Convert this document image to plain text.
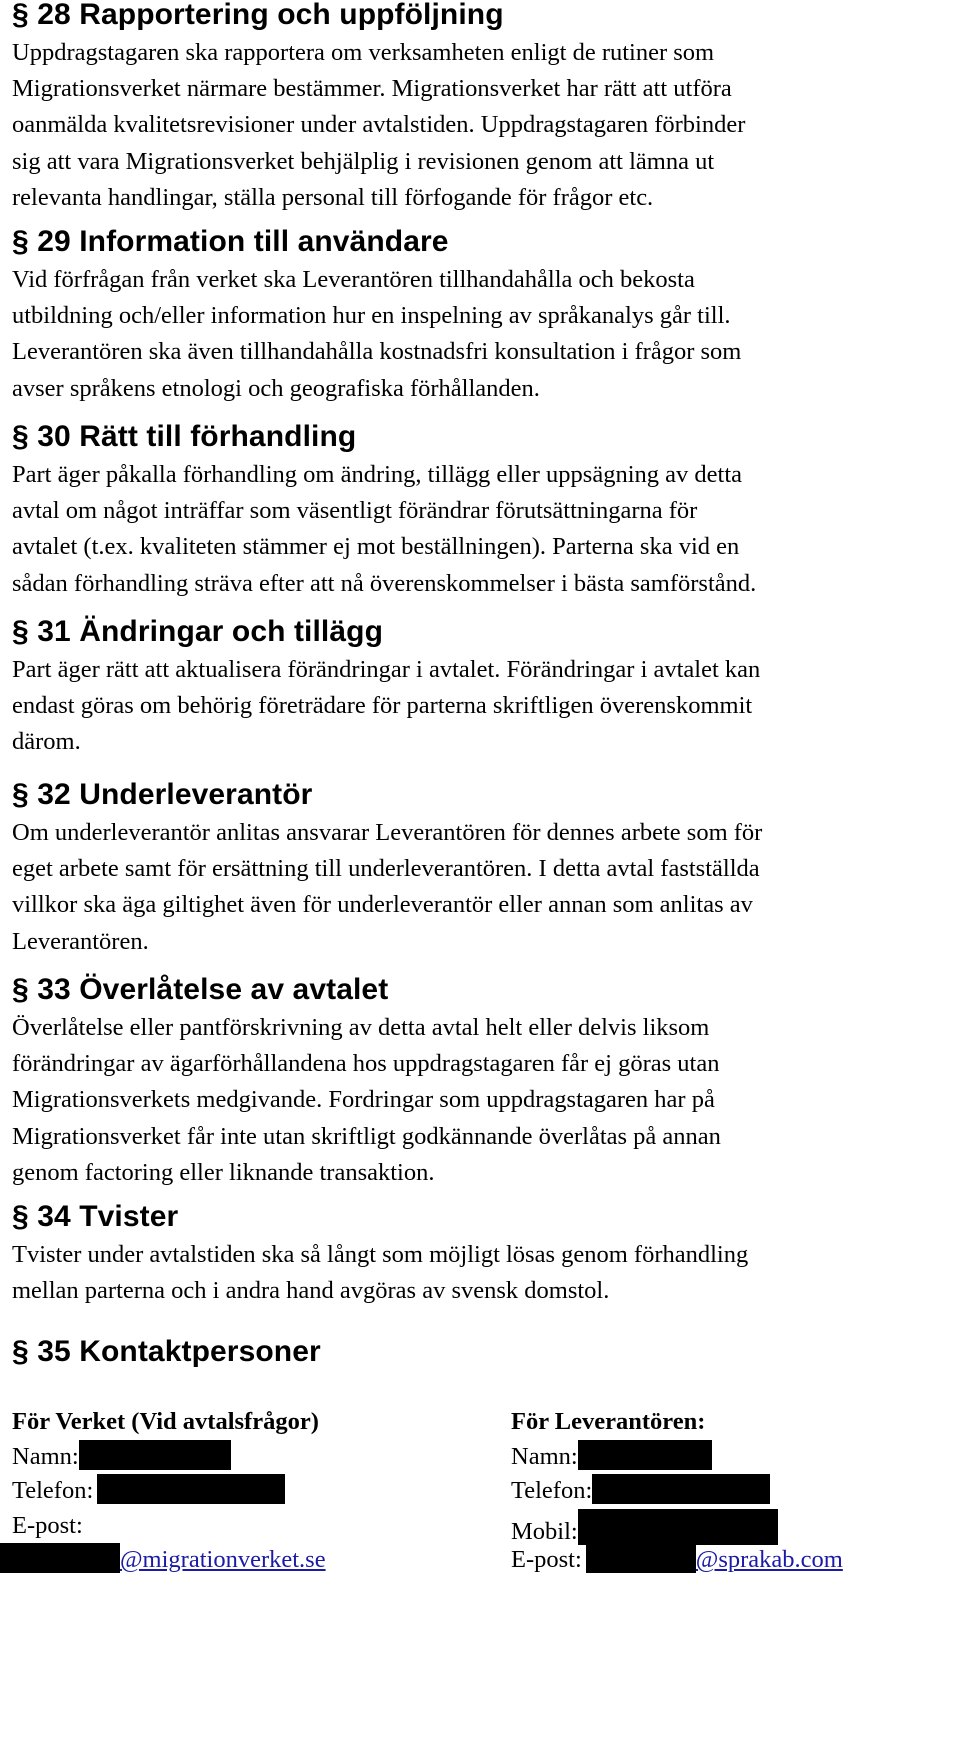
§ 28 Rapportering och uppföljning

Uppdragstagaren ska rapportera om verksamheten enligt de rutiner som
Migrationsverket närmare bestämmer. Migrationsverket har rätt att utföra
oanmälda kvalitetsrevisioner under avtalstiden. Uppdragstagaren förbinder
sig att vara Migrationsverket behjälplig i revisionen genom att lämna ut
relevanta handlingar, ställa personal till förfogande för frågor etc.

§ 29 Information till användare

Vid förfrågan från verket ska Leverantören tillhandahålla och bekosta
utbildning och/eller information hur en inspelning av språkanalys går till.
Leverantören ska även tillhandahålla kostnadsfri konsultation i frågor som
avser språkens etnologi och geografiska förhållanden.

§ 30 Rätt till förhandling

Part äger påkalla förhandling om ändring, tillägg eller uppsägning av detta
avtal om något inträffar som väsentligt förändrar förutsättningarna för
avtalet (t.ex. kvaliteten stämmer ej mot beställningen). Parterna ska vid en
sådan förhandling sträva efter att nå överenskommelser i bästa samförstånd.

§ 31 Ändringar och tillägg

Part äger rätt att aktualisera förändringar i avtalet. Förändringar i avtalet kan
endast göras om behörig företrädare för parterna skriftligen överenskommit
därom.

§ 32 Underleverantör

Om underleverantör anlitas ansvarar Leverantören för dennes arbete som för
eget arbete samt för ersättning till underleverantören. I detta avtal fastställda
villkor ska äga giltighet även för underleverantör eller annan som anlitas av
Leverantören.

§ 33 Överlåtelse av avtalet

Överlåtelse eller pantförskrivning av detta avtal helt eller delvis liksom
förändringar av ägarförhållandena hos uppdragstagaren får ej göras utan
Migrationsverkets medgivande. Fordringar som uppdragstagaren har på
Migrationsverket får inte utan skriftligt godkännande överlåtas på annan
genom factoring eller liknande transaktion.

§ 34 Tvister

Tvister under avtalstiden ska så långt som möjligt lösas genom förhandling
mellan parterna och i andra hand avgöras av svensk domstol.

§ 35 Kontaktpersoner
För Verket (Vid avtalsfrågor)
Namn:
Telefon:
E-post:
@migrationverket.se
För Leverantören:
Namn:
Telefon:
Mobil:
E-post:	@sprakab.com
